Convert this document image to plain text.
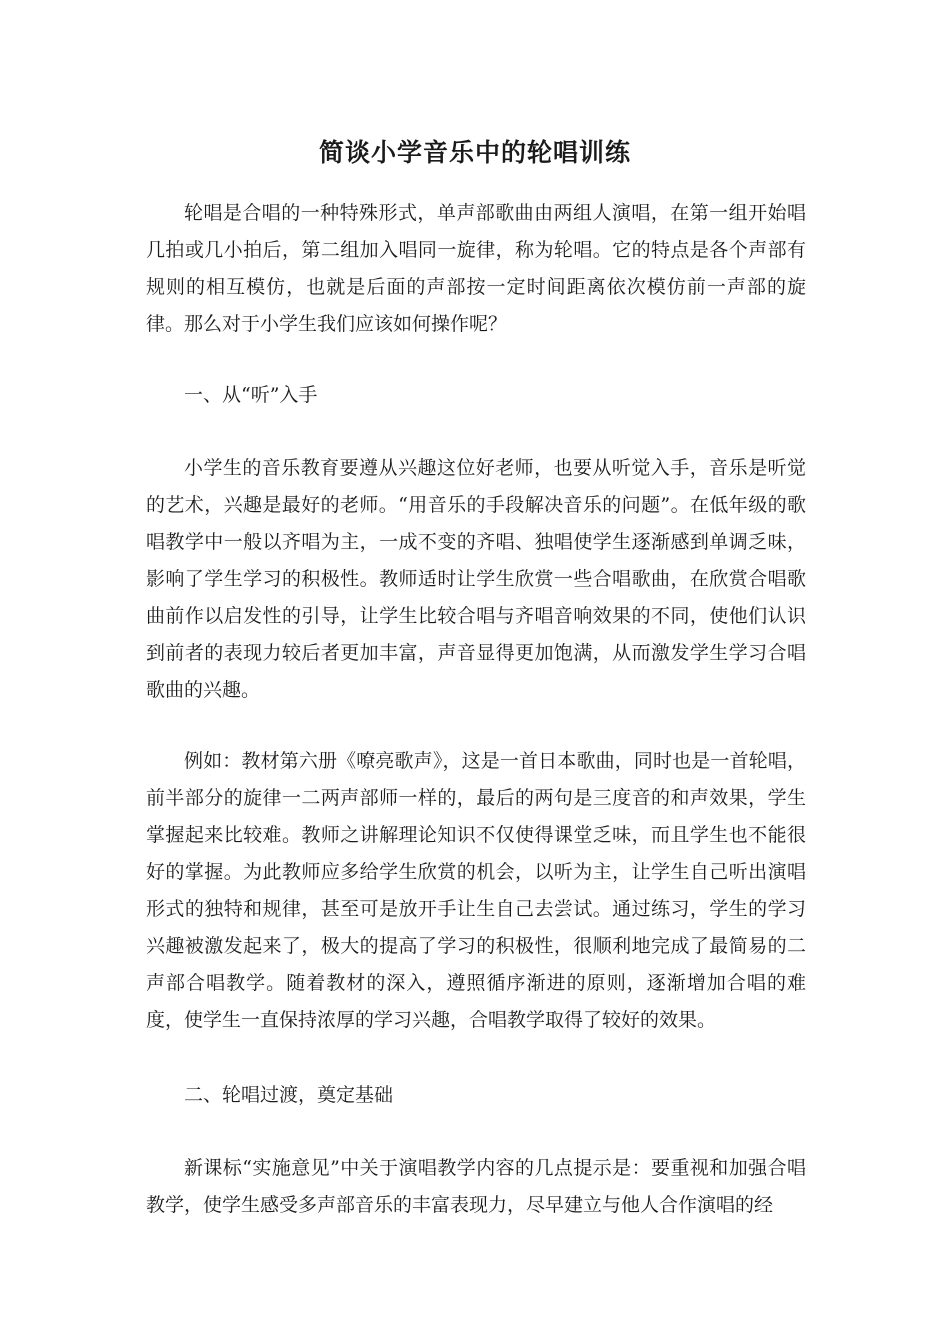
简谈小学音乐中的轮唱训练

轮唱是合唱的一种特殊形式，单声部歌曲由两组人演唱，在第一组开始唱几拍或几小拍后，第二组加入唱同一旋律，称为轮唱。它的特点是各个声部有规则的相互模仿，也就是后面的声部按一定时间距离依次模仿前一声部的旋律。那么对于小学生我们应该如何操作呢？

一、从“听”入手

小学生的音乐教育要遵从兴趣这位好老师，也要从听觉入手，音乐是听觉的艺术，兴趣是最好的老师。“用音乐的手段解决音乐的问题”。在低年级的歌唱教学中一般以齐唱为主，一成不变的齐唱、独唱使学生逐渐感到单调乏味，影响了学生学习的积极性。教师适时让学生欣赏一些合唱歌曲，在欣赏合唱歌曲前作以启发性的引导，让学生比较合唱与齐唱音响效果的不同，使他们认识到前者的表现力较后者更加丰富，声音显得更加饱满，从而激发学生学习合唱歌曲的兴趣。

例如：教材第六册《嘹亮歌声》，这是一首日本歌曲，同时也是一首轮唱，前半部分的旋律一二两声部师一样的，最后的两句是三度音的和声效果，学生掌握起来比较难。教师之讲解理论知识不仅使得课堂乏味，而且学生也不能很好的掌握。为此教师应多给学生欣赏的机会，以听为主，让学生自己听出演唱形式的独特和规律，甚至可是放开手让生自己去尝试。通过练习，学生的学习兴趣被激发起来了，极大的提高了学习的积极性，很顺利地完成了最简易的二声部合唱教学。随着教材的深入，遵照循序渐进的原则，逐渐增加合唱的难度，使学生一直保持浓厚的学习兴趣，合唱教学取得了较好的效果。

二、轮唱过渡，奠定基础

新课标“实施意见”中关于演唱教学内容的几点提示是：要重视和加强合唱教学，使学生感受多声部音乐的丰富表现力，尽早建立与他人合作演唱的经
